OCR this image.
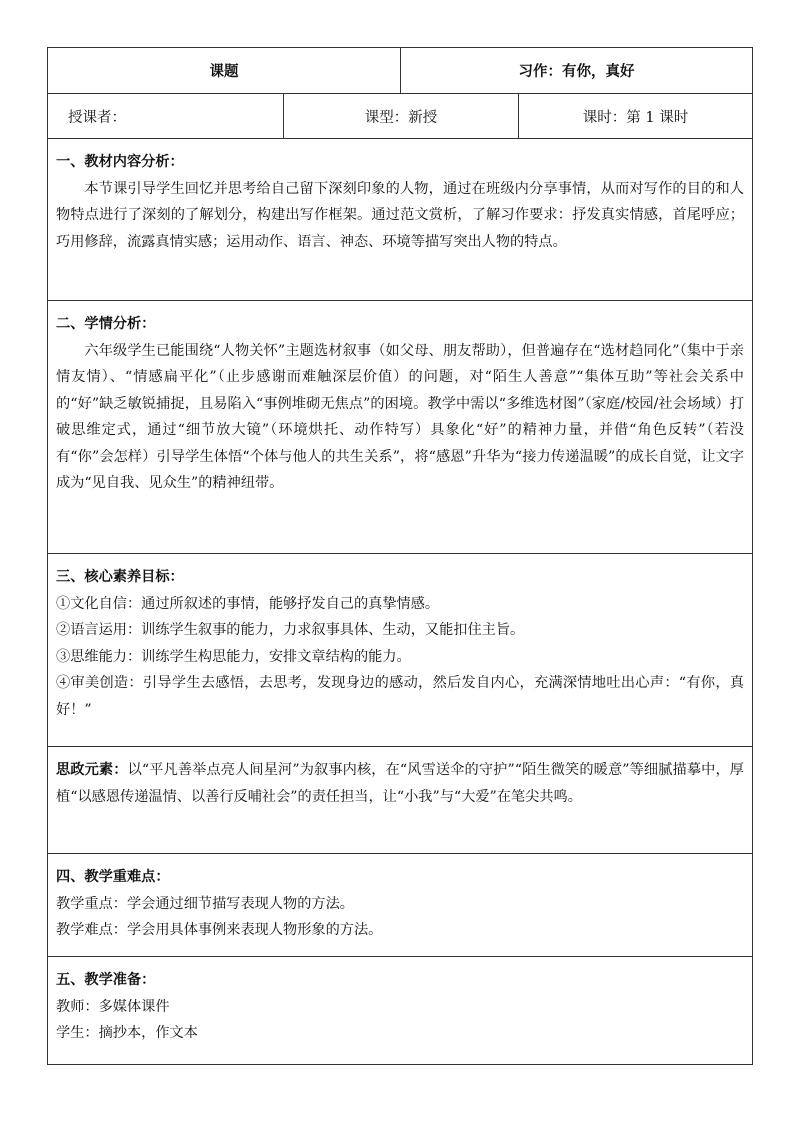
课题	习作：有你，真好
授课者：	课型：新授	课时：第 1 课时
一、教材内容分析：
本节课引导学生回忆并思考给自己留下深刻印象的人物，通过在班级内分享事情，从而对写作的目的和人物特点进行了深刻的了解划分，构建出写作框架。通过范文赏析，了解习作要求：抒发真实情感，首尾呼应；巧用修辞，流露真情实感；运用动作、语言、神态、环境等描写突出人物的特点。
二、学情分析：
六年级学生已能围绕“人物关怀”主题选材叙事（如父母、朋友帮助），但普遍存在“选材趋同化”（集中于亲情友情）、“情感扁平化”（止步感谢而难触深层价值）的问题，对“陌生人善意”“集体互助”等社会关系中的“好”缺乏敏锐捕捉，且易陷入“事例堆砌无焦点”的困境。教学中需以“多维选材图”（家庭/校园/社会场域）打破思维定式，通过“细节放大镜”（环境烘托、动作特写）具象化“好”的精神力量，并借“角色反转”（若没有“你”会怎样）引导学生体悟“个体与他人的共生关系”，将“感恩”升华为“接力传递温暖”的成长自觉，让文字成为“见自我、见众生”的精神纽带。
三、核心素养目标：
①文化自信：通过所叙述的事情，能够抒发自己的真挚情感。
②语言运用：训练学生叙事的能力，力求叙事具体、生动，又能扣住主旨。
③思维能力：训练学生构思能力，安排文章结构的能力。
④审美创造：引导学生去感悟，去思考，发现身边的感动，然后发自内心，充满深情地吐出心声：“有你，真好！”
思政元素：以“平凡善举点亮人间星河”为叙事内核，在“风雪送伞的守护”“陌生微笑的暖意”等细腻描摹中，厚植“以感恩传递温情、以善行反哺社会”的责任担当，让“小我”与“大爱”在笔尖共鸣。
四、教学重难点：
教学重点：学会通过细节描写表现人物的方法。
教学难点：学会用具体事例来表现人物形象的方法。
五、教学准备：
教师：多媒体课件
学生：摘抄本，作文本
